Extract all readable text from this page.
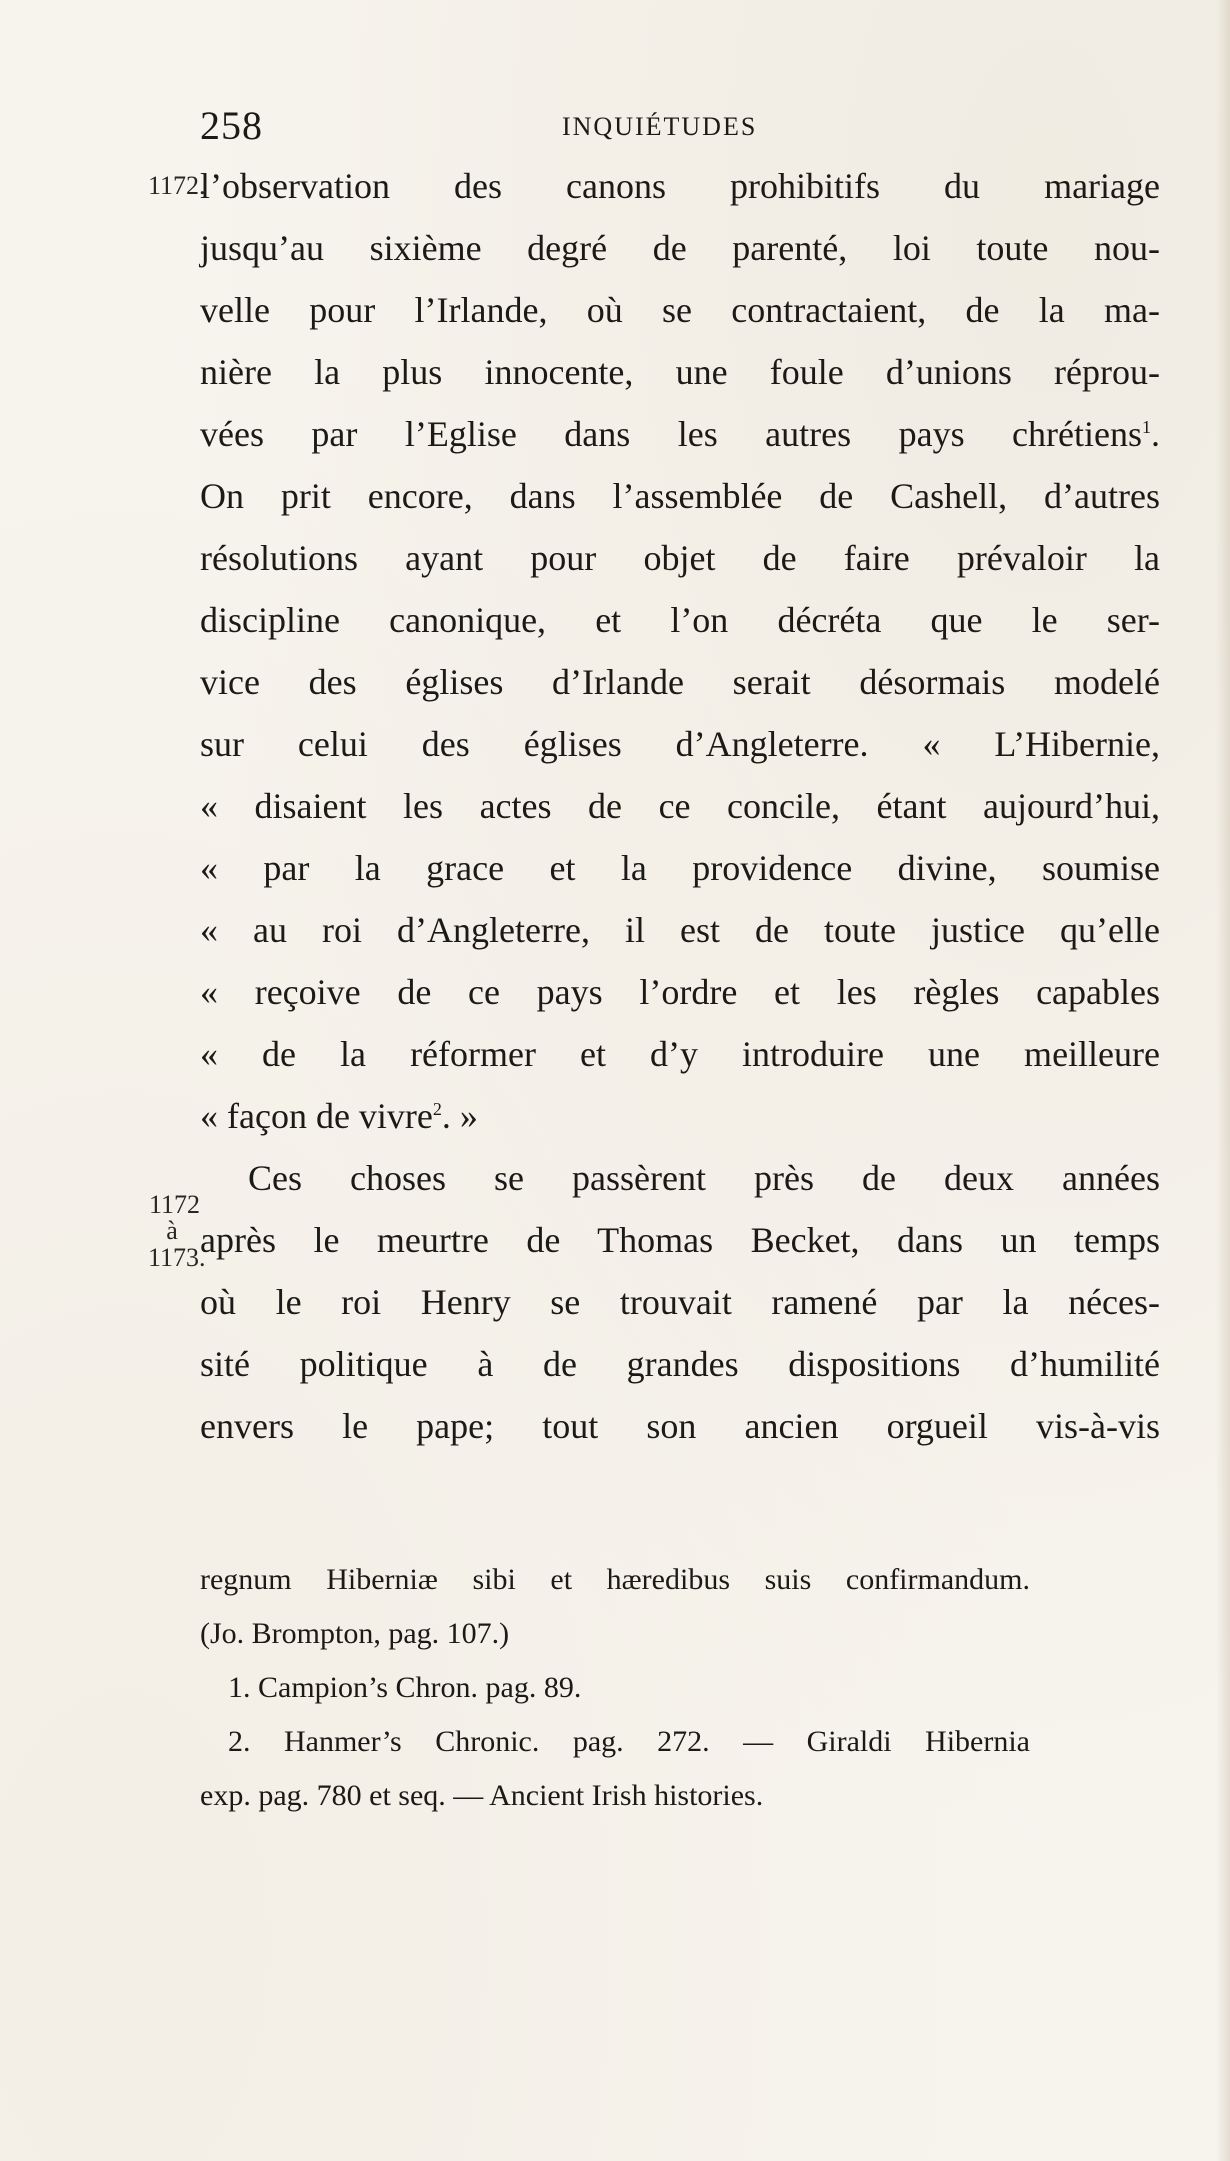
258	INQUIÉTUDES
1172.
1172
à
1173.
l’observation des canons prohibitifs du mariage
jusqu’au sixième degré de parenté, loi toute nou-
velle pour l’Irlande, où se contractaient, de la ma-
nière la plus innocente, une foule d’unions réprou-
vées par l’Eglise dans les autres pays chrétiens$^1$.
On prit encore, dans l’assemblée de Cashell, d’autres
résolutions ayant pour objet de faire prévaloir la
discipline canonique, et l’on décréta que le ser-
vice des églises d’Irlande serait désormais modelé
sur celui des églises d’Angleterre. « L’Hibernie,
« disaient les actes de ce concile, étant aujourd’hui,
« par la grace et la providence divine, soumise
« au roi d’Angleterre, il est de toute justice qu’elle
« reçoive de ce pays l’ordre et les règles capables
« de la réformer et d’y introduire une meilleure
« façon de vivre$^2$. »
Ces choses se passèrent près de deux années
après le meurtre de Thomas Becket, dans un temps
où le roi Henry se trouvait ramené par la néces-
sité politique à de grandes dispositions d’humilité
envers le pape; tout son ancien orgueil vis-à-vis
regnum Hiberniæ sibi et hæredibus suis confirmandum.
(Jo. Brompton, pag. 107.)
1. Campion’s Chron. pag. 89.
2. Hanmer’s Chronic. pag. 272. — Giraldi Hibernia
exp. pag. 780 et seq. — Ancient Irish histories.
